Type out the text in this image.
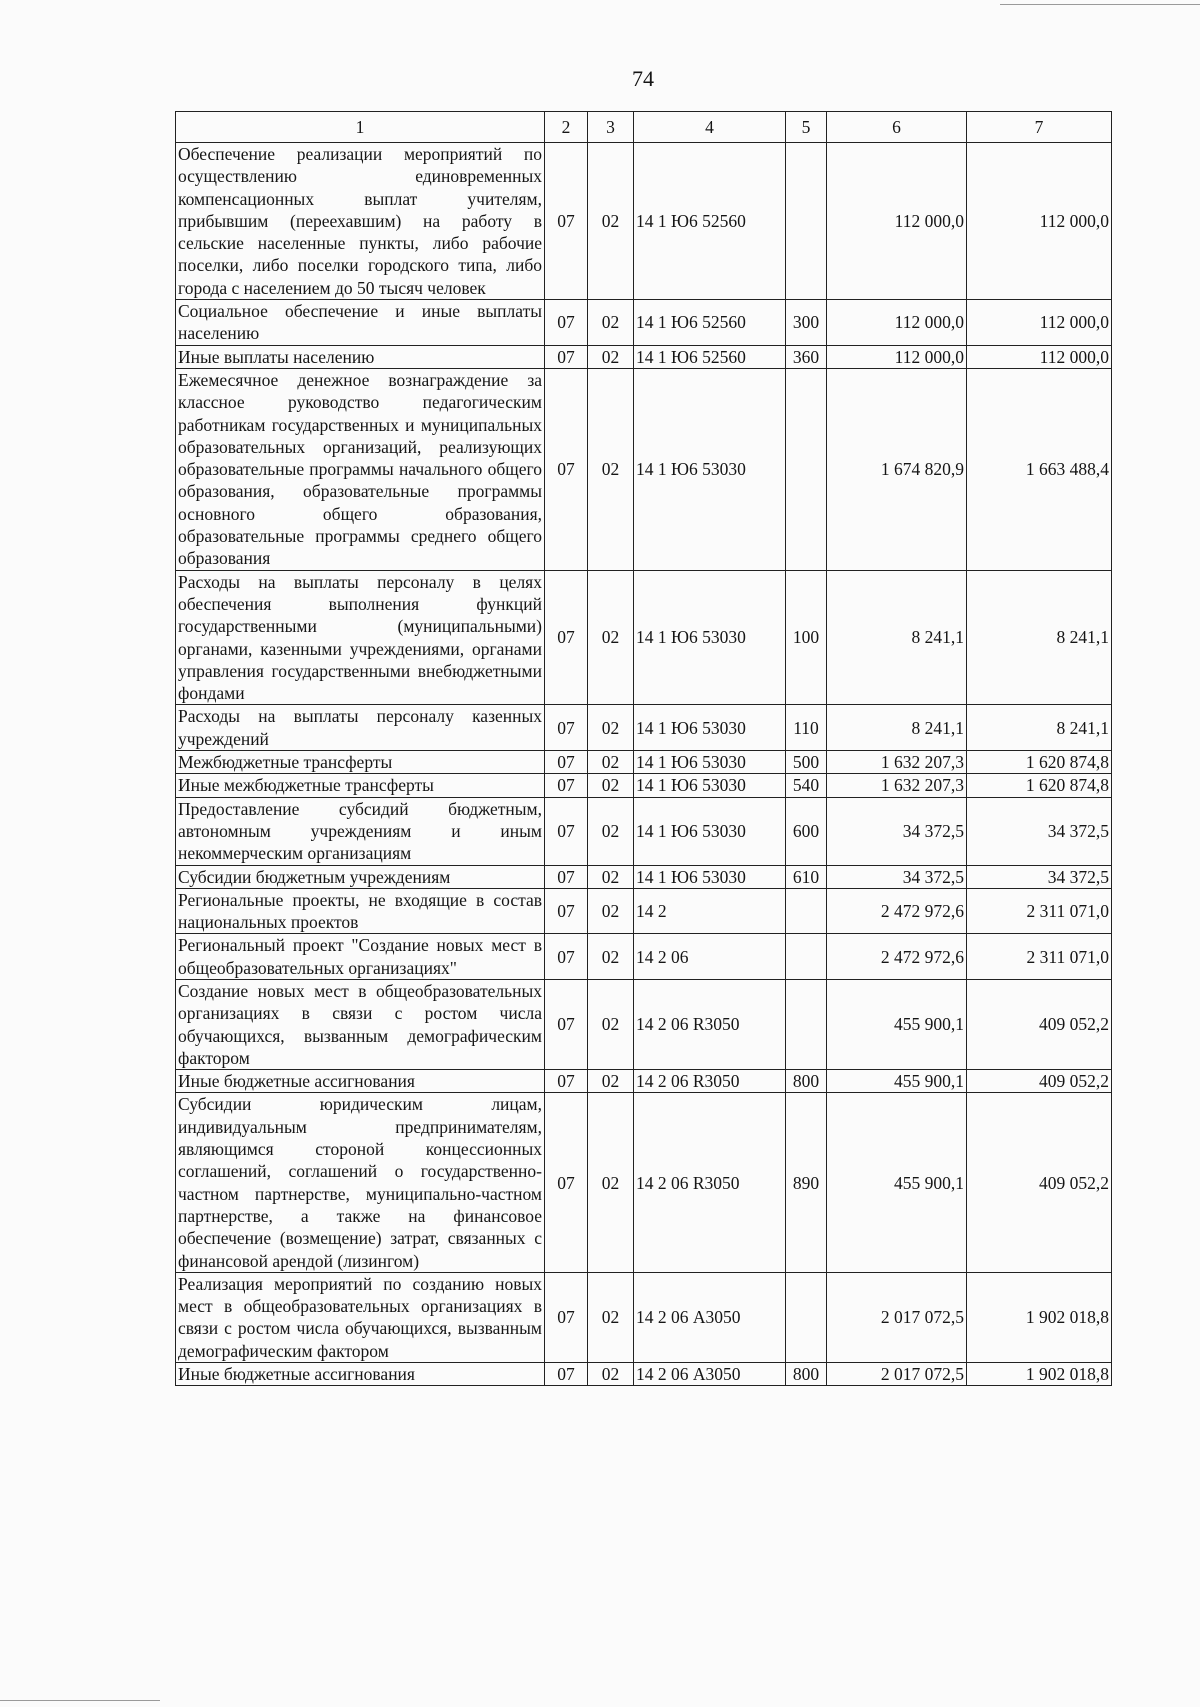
74
1	2	3	4	5	6	7
Обеспечение реализации мероприятий по осуществлению единовременных компенсационных выплат учителям, прибывшим (переехавшим) на работу в сельские населенные пункты, либо рабочие поселки, либо поселки городского типа, либо города с населением до 50 тысяч человек	07	02	14 1 Ю6 52560		112 000,0	112 000,0
Социальное обеспечение и иные выплаты населению	07	02	14 1 Ю6 52560	300	112 000,0	112 000,0
Иные выплаты населению	07	02	14 1 Ю6 52560	360	112 000,0	112 000,0
Ежемесячное денежное вознаграждение за классное руководство педагогическим работникам государственных и муниципальных образовательных организаций, реализующих образовательные программы начального общего образования, образовательные программы основного общего образования, образовательные программы среднего общего образования	07	02	14 1 Ю6 53030		1 674 820,9	1 663 488,4
Расходы на выплаты персоналу в целях обеспечения выполнения функций государственными (муниципальными) органами, казенными учреждениями, органами управления государственными внебюджетными фондами	07	02	14 1 Ю6 53030	100	8 241,1	8 241,1
Расходы на выплаты персоналу казенных учреждений	07	02	14 1 Ю6 53030	110	8 241,1	8 241,1
Межбюджетные трансферты	07	02	14 1 Ю6 53030	500	1 632 207,3	1 620 874,8
Иные межбюджетные трансферты	07	02	14 1 Ю6 53030	540	1 632 207,3	1 620 874,8
Предоставление субсидий бюджетным, автономным учреждениям и иным некоммерческим организациям	07	02	14 1 Ю6 53030	600	34 372,5	34 372,5
Субсидии бюджетным учреждениям	07	02	14 1 Ю6 53030	610	34 372,5	34 372,5
Региональные проекты, не входящие в состав национальных проектов	07	02	14 2		2 472 972,6	2 311 071,0
Региональный проект "Создание новых мест в общеобразовательных организациях"	07	02	14 2 06		2 472 972,6	2 311 071,0
Создание новых мест в общеобразовательных организациях в связи с ростом числа обучающихся, вызванным демографическим фактором	07	02	14 2 06 R3050		455 900,1	409 052,2
Иные бюджетные ассигнования	07	02	14 2 06 R3050	800	455 900,1	409 052,2
Субсидии юридическим лицам, индивидуальным предпринимателям, являющимся стороной концессионных соглашений, соглашений о государственно-частном партнерстве, муниципально-частном партнерстве, а также на финансовое обеспечение (возмещение) затрат, связанных с финансовой арендой (лизингом)	07	02	14 2 06 R3050	890	455 900,1	409 052,2
Реализация мероприятий по созданию новых мест в общеобразовательных организациях в связи с ростом числа обучающихся, вызванным демографическим фактором	07	02	14 2 06 А3050		2 017 072,5	1 902 018,8
Иные бюджетные ассигнования	07	02	14 2 06 А3050	800	2 017 072,5	1 902 018,8
